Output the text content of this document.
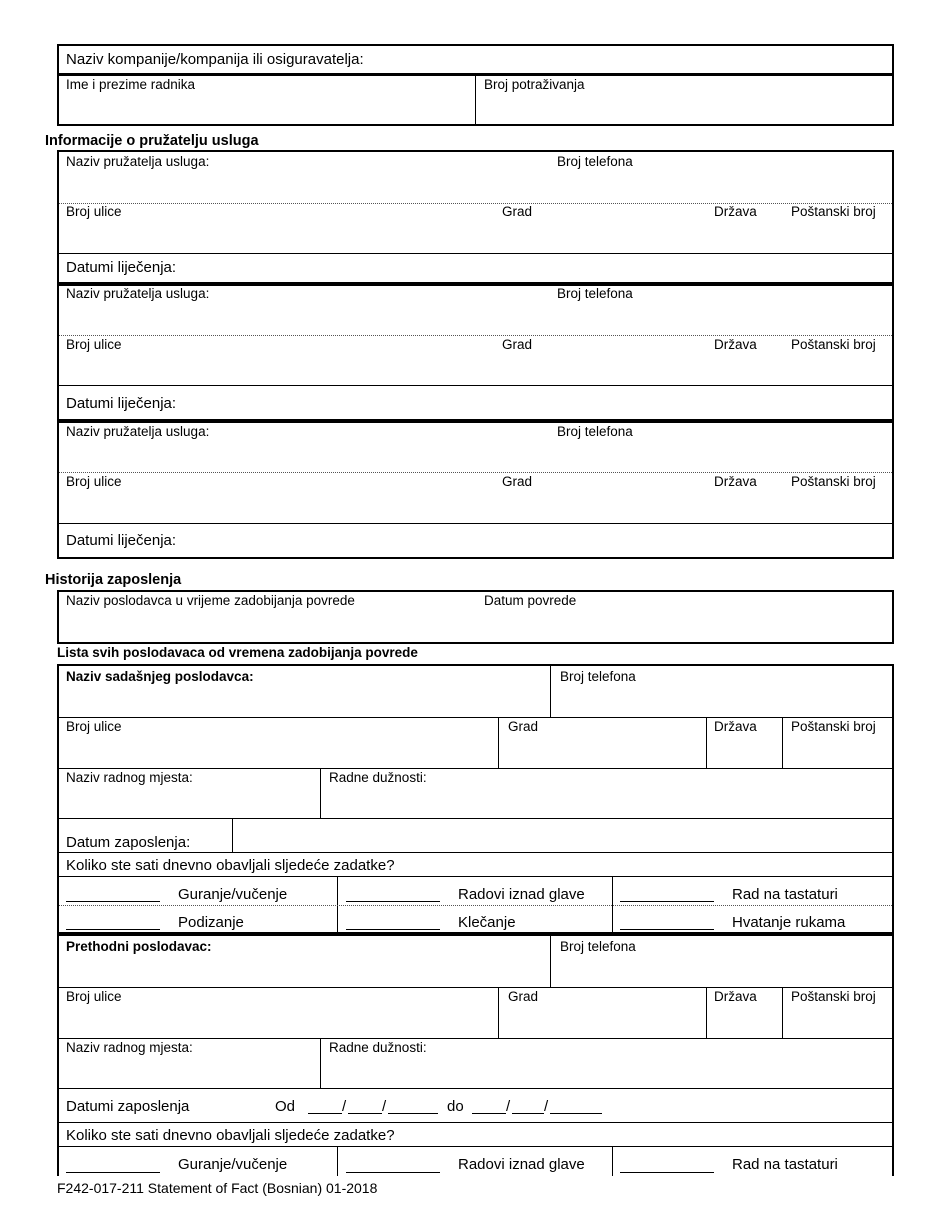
Naziv kompanije/kompanija ili osiguravatelja:
Ime i prezime radnika	Broj potraživanja
Informacije o pružatelju usluga
Naziv pružatelja usluga:	Broj telefona
Broj ulice	Grad	Država	Poštanski broj
Datumi liječenja:
Naziv pružatelja usluga:	Broj telefona
Broj ulice	Grad	Država	Poštanski broj
Datumi liječenja:
Naziv pružatelja usluga:	Broj telefona
Broj ulice	Grad	Država	Poštanski broj
Datumi liječenja:
Historija zaposlenja
Naziv poslodavca u vrijeme zadobijanja povrede	Datum povrede
Lista svih poslodavaca od vremena zadobijanja povrede
Naziv sadašnjeg poslodavca:	Broj telefona
Broj ulice	Grad	Država	Poštanski broj
Naziv radnog mjesta:	Radne dužnosti:
Datum zaposlenja:
Koliko ste sati dnevno obavljali sljedeće zadatke?
Guranje/vučenje	Radovi iznad glave	Rad na tastaturi
Podizanje	Klečanje	Hvatanje rukama
Prethodni poslodavac:	Broj telefona
Broj ulice	Grad	Država	Poštanski broj
Naziv radnog mjesta:	Radne dužnosti:
Datumi zaposlenja	Od	/ /	do	/ /
Koliko ste sati dnevno obavljali sljedeće zadatke?
Guranje/vučenje	Radovi iznad glave	Rad na tastaturi
F242-017-211 Statement of Fact (Bosnian) 01-2018
